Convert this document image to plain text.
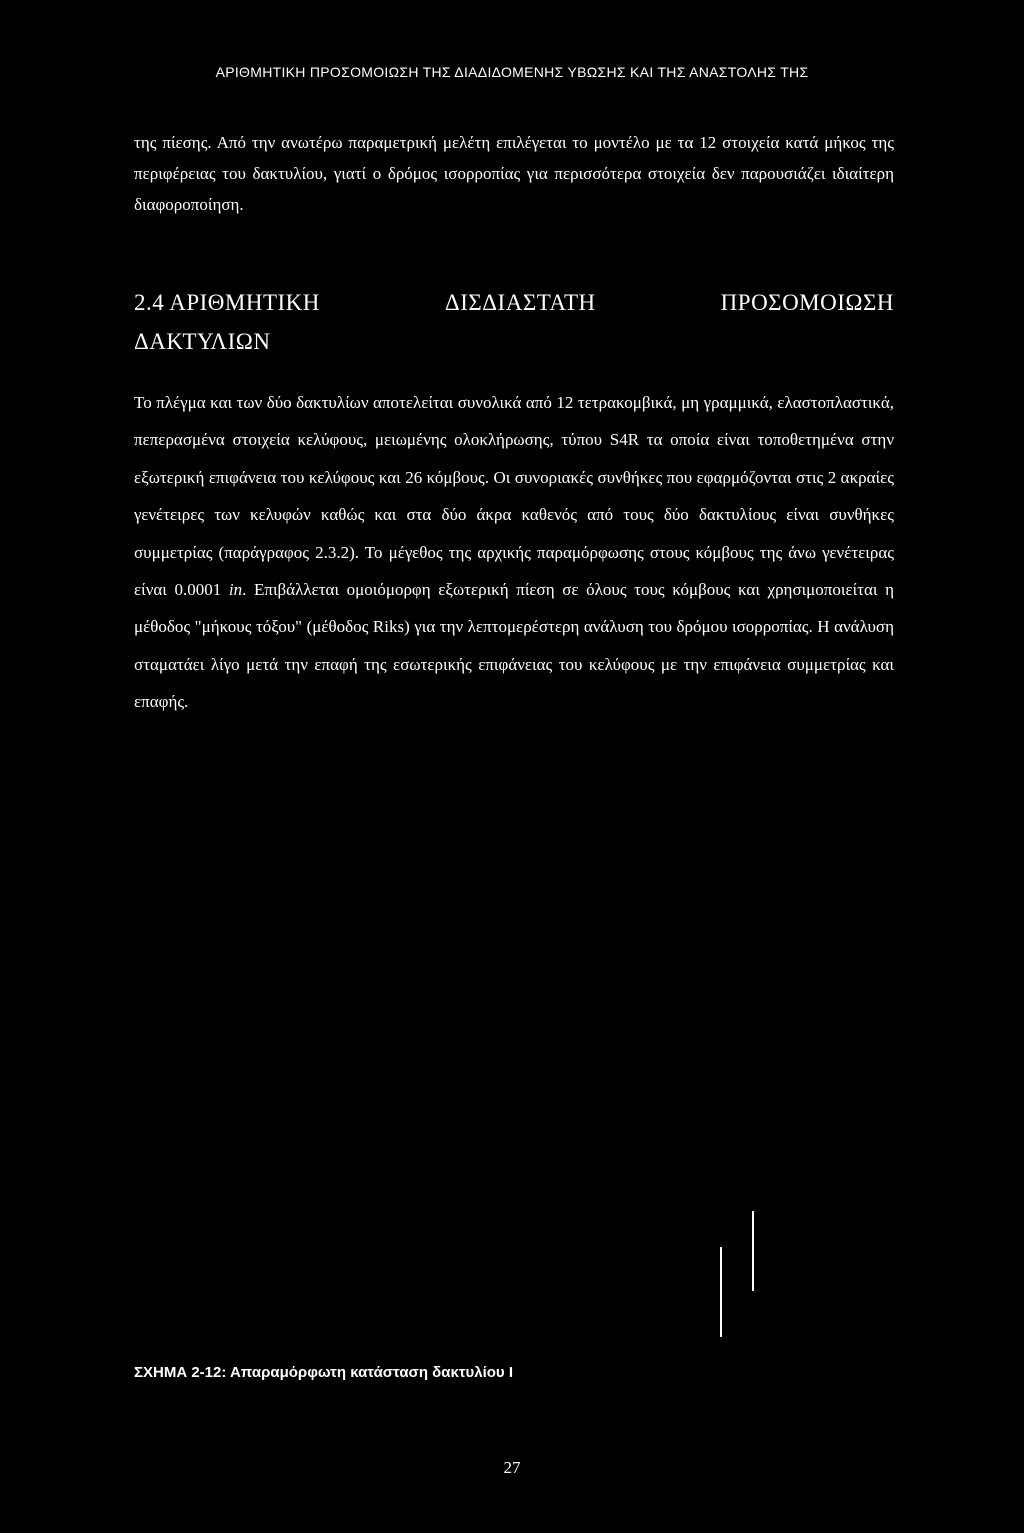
ΑΡΙΘΜΗΤΙΚΗ ΠΡΟΣΟΜΟΙΩΣΗ ΤΗΣ ΔΙΑΔΙΔΟΜΕΝΗΣ ΥΒΩΣΗΣ ΚΑΙ ΤΗΣ ΑΝΑΣΤΟΛΗΣ ΤΗΣ

της πίεσης. Από την ανωτέρω παραμετρική μελέτη επιλέγεται το μοντέλο με τα 12 στοιχεία κατά μήκος της περιφέρειας του δακτυλίου, γιατί ο δρόμος ισορροπίας για περισσότερα στοιχεία δεν παρουσιάζει ιδιαίτερη διαφοροποίηση.

2.4 ΑΡΙΘΜΗΤΙΚΗ	ΔΙΣΔΙΑΣΤΑΤΗ	ΠΡΟΣΟΜΟΙΩΣΗ
ΔΑΚΤΥΛΙΩΝ

Το πλέγμα και των δύο δακτυλίων αποτελείται συνολικά από 12 τετρακομβικά, μη γραμμικά, ελαστοπλαστικά, πεπερασμένα στοιχεία κελύφους, μειωμένης ολοκλήρωσης, τύπου S4R τα οποία είναι τοποθετημένα στην εξωτερική επιφάνεια του κελύφους και 26 κόμβους. Οι συνοριακές συνθήκες που εφαρμόζονται στις 2 ακραίες γενέτειρες των κελυφών καθώς και στα δύο άκρα καθενός από τους δύο δακτυλίους είναι συνθήκες συμμετρίας (παράγραφος 2.3.2). Το μέγεθος της αρχικής παραμόρφωσης στους κόμβους της άνω γενέτειρας είναι 0.0001 in. Επιβάλλεται ομοιόμορφη εξωτερική πίεση σε όλους τους κόμβους και χρησιμοποιείται η μέθοδος "μήκους τόξου" (μέθοδος Riks) για την λεπτομερέστερη ανάλυση του δρόμου ισορροπίας. Η ανάλυση σταματάει λίγο μετά την επαφή της εσωτερικής επιφάνειας του κελύφους με την επιφάνεια συμμετρίας και επαφής.

ΣΧΗΜΑ 2-12: Απαραμόρφωτη κατάσταση δακτυλίου Ι
27
